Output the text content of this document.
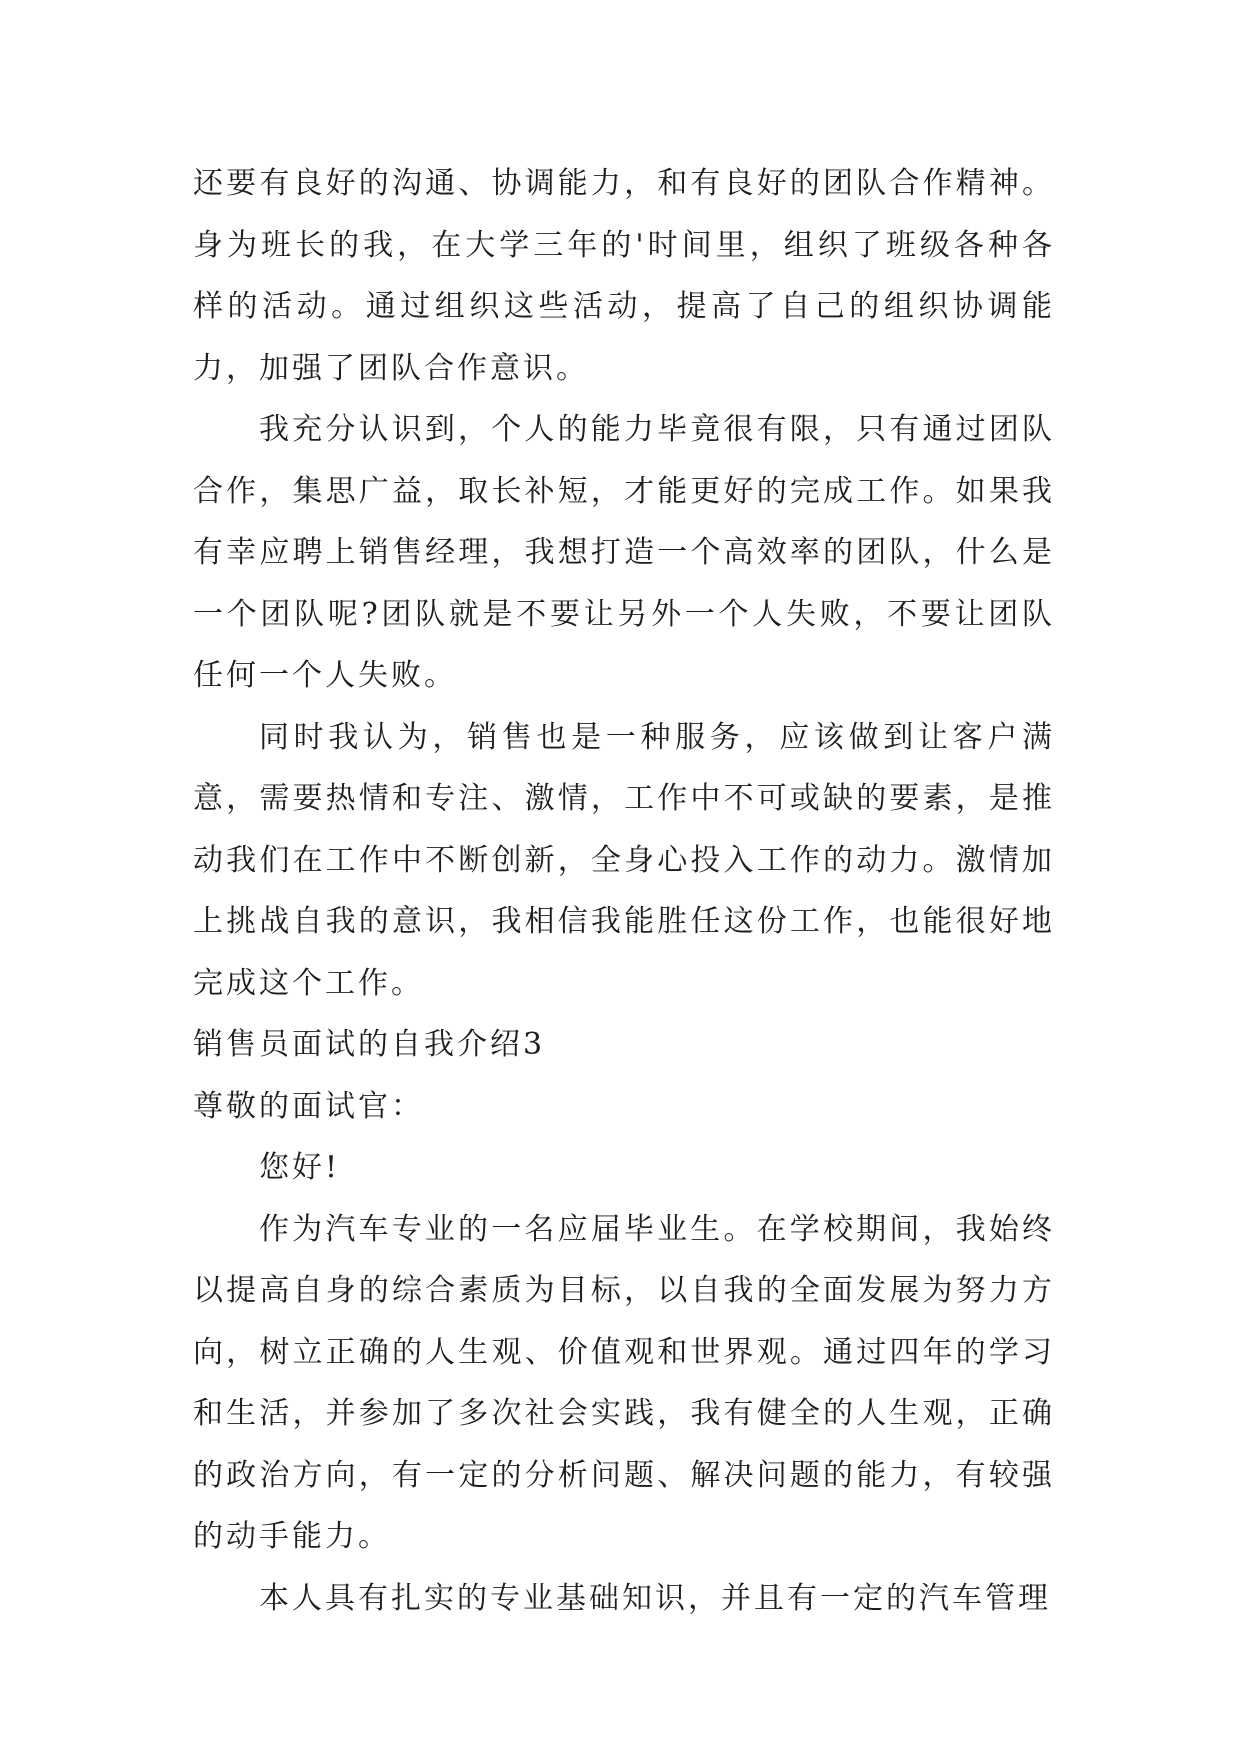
还要有良好的沟通、协调能力，和有良好的团队合作精神。身为班长的我，在大学三年的'时间里，组织了班级各种各样的活动。通过组织这些活动，提高了自己的组织协调能力，加强了团队合作意识。

我充分认识到，个人的能力毕竟很有限，只有通过团队合作，集思广益，取长补短，才能更好的完成工作。如果我有幸应聘上销售经理，我想打造一个高效率的团队，什么是一个团队呢?团队就是不要让另外一个人失败，不要让团队任何一个人失败。

同时我认为，销售也是一种服务，应该做到让客户满意，需要热情和专注、激情，工作中不可或缺的要素，是推动我们在工作中不断创新，全身心投入工作的动力。激情加上挑战自我的意识，我相信我能胜任这份工作，也能很好地完成这个工作。

销售员面试的自我介绍3

尊敬的面试官：

您好!

作为汽车专业的一名应届毕业生。在学校期间，我始终以提高自身的综合素质为目标，以自我的全面发展为努力方向，树立正确的人生观、价值观和世界观。通过四年的学习和生活，并参加了多次社会实践，我有健全的人生观，正确的政治方向，有一定的分析问题、解决问题的能力，有较强的动手能力。

本人具有扎实的专业基础知识，并且有一定的汽车管理
